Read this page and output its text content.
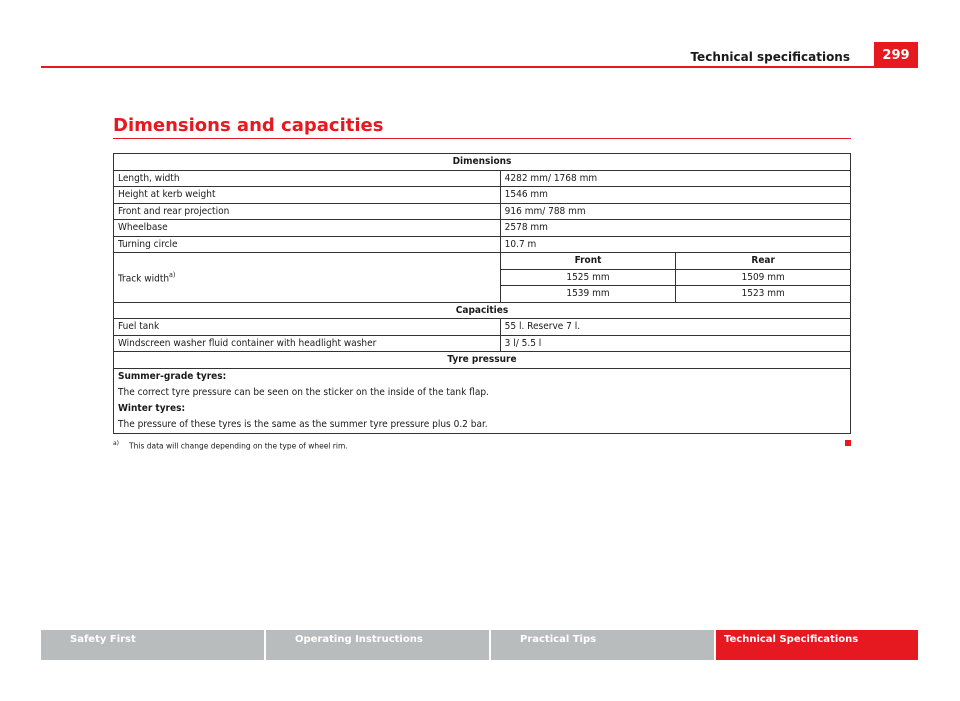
Technical specifications	299
Dimensions and capacities
Dimensions		
Length, width	4282 mm/ 1768 mm	
Height at kerb weight	1546 mm	
Front and rear projection	916 mm/ 788 mm	
Wheelbase	2578 mm	
Turning circle	10.7 m	
Track width$^{a)}$	Front	Rear
	1525 mm	1509 mm
	1539 mm	1523 mm
Capacities		
Fuel tank	55 l. Reserve 7 l.	
Windscreen washer fluid container with headlight washer	3 l/ 5.5 l	
Tyre pressure		

Summer-grade tyres:
The correct tyre pressure can be seen on the sticker on the inside of the tank flap.
Winter tyres:
The pressure of these tyres is the same as the summer tyre pressure plus 0.2 bar.		
$^{a)}$ This data will change depending on the type of wheel rim.
Safety First	Operating Instructions	Practical Tips	Technical Specifications
